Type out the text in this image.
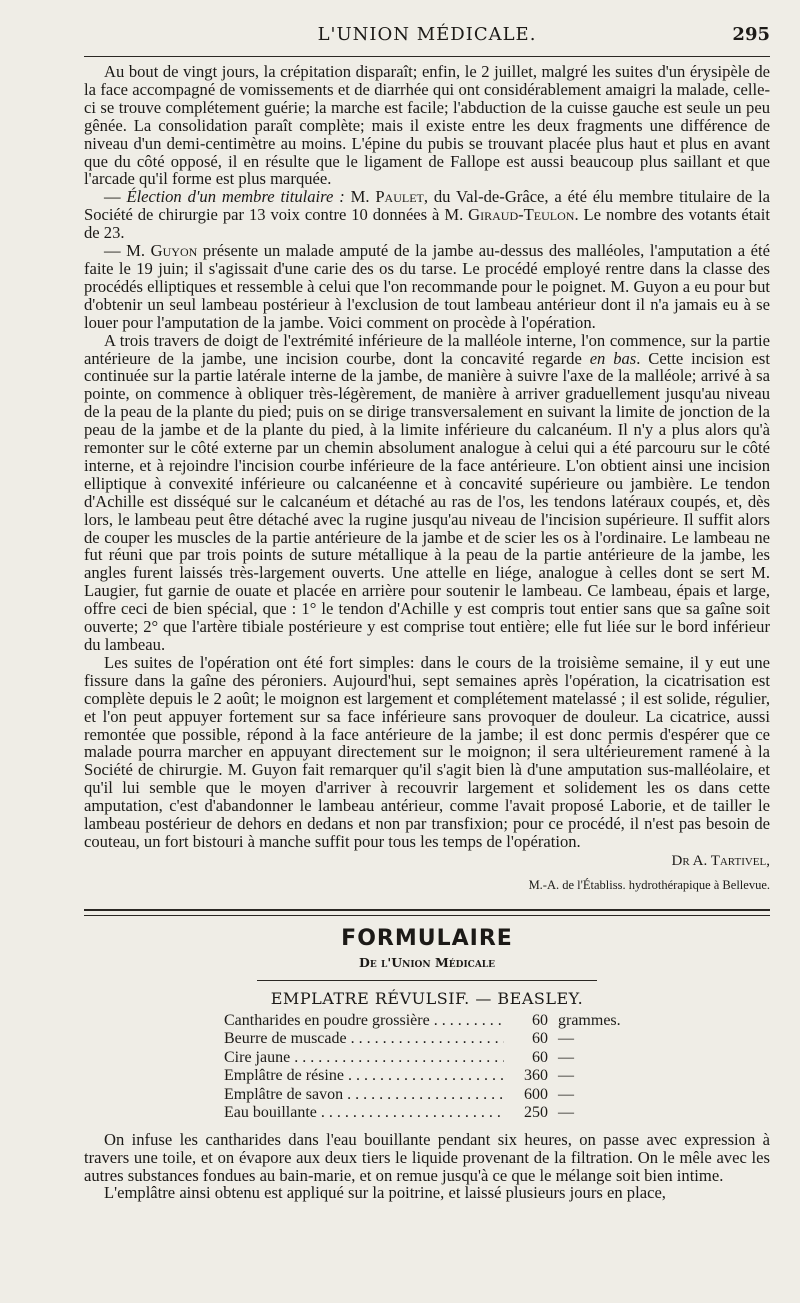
L'UNION MÉDICALE.	295

Au bout de vingt jours, la crépitation disparaît; enfin, le 2 juillet, malgré les suites d'un érysipèle de la face accompagné de vomissements et de diarrhée qui ont considérablement amaigri la malade, celle-ci se trouve complétement guérie; la marche est facile; l'abduction de la cuisse gauche est seule un peu gênée. La consolidation paraît complète; mais il existe entre les deux fragments une différence de niveau d'un demi-centimètre au moins. L'épine du pubis se trouvant placée plus haut et plus en avant que du côté opposé, il en résulte que le ligament de Fallope est aussi beaucoup plus saillant et que l'arcade qu'il forme est plus marquée.

— Élection d'un membre titulaire : M. Paulet, du Val-de-Grâce, a été élu membre titulaire de la Société de chirurgie par 13 voix contre 10 données à M. Giraud-Teulon. Le nombre des votants était de 23.

— M. Guyon présente un malade amputé de la jambe au-dessus des malléoles, l'amputation a été faite le 19 juin; il s'agissait d'une carie des os du tarse. Le procédé employé rentre dans la classe des procédés elliptiques et ressemble à celui que l'on recommande pour le poignet. M. Guyon a eu pour but d'obtenir un seul lambeau postérieur à l'exclusion de tout lambeau antérieur dont il n'a jamais eu à se louer pour l'amputation de la jambe. Voici comment on procède à l'opération.

A trois travers de doigt de l'extrémité inférieure de la malléole interne, l'on commence, sur la partie antérieure de la jambe, une incision courbe, dont la concavité regarde en bas. Cette incision est continuée sur la partie latérale interne de la jambe, de manière à suivre l'axe de la malléole; arrivé à sa pointe, on commence à obliquer très-légèrement, de manière à arriver graduellement jusqu'au niveau de la peau de la plante du pied; puis on se dirige transversalement en suivant la limite de jonction de la peau de la jambe et de la plante du pied, à la limite inférieure du calcanéum. Il n'y a plus alors qu'à remonter sur le côté externe par un chemin absolument analogue à celui qui a été parcouru sur le côté interne, et à rejoindre l'incision courbe inférieure de la face antérieure. L'on obtient ainsi une incision elliptique à convexité inférieure ou calcanéenne et à concavité supérieure ou jambière. Le tendon d'Achille est disséqué sur le calcanéum et détaché au ras de l'os, les tendons latéraux coupés, et, dès lors, le lambeau peut être détaché avec la rugine jusqu'au niveau de l'incision supérieure. Il suffit alors de couper les muscles de la partie antérieure de la jambe et de scier les os à l'ordinaire. Le lambeau ne fut réuni que par trois points de suture métallique à la peau de la partie antérieure de la jambe, les angles furent laissés très-largement ouverts. Une attelle en liége, analogue à celles dont se sert M. Laugier, fut garnie de ouate et placée en arrière pour soutenir le lambeau. Ce lambeau, épais et large, offre ceci de bien spécial, que : 1° le tendon d'Achille y est compris tout entier sans que sa gaîne soit ouverte; 2° que l'artère tibiale postérieure y est comprise tout entière; elle fut liée sur le bord inférieur du lambeau.

Les suites de l'opération ont été fort simples: dans le cours de la troisième semaine, il y eut une fissure dans la gaîne des péroniers. Aujourd'hui, sept semaines après l'opération, la cicatrisation est complète depuis le 2 août; le moignon est largement et complétement matelassé ; il est solide, régulier, et l'on peut appuyer fortement sur sa face inférieure sans provoquer de douleur. La cicatrice, aussi remontée que possible, répond à la face antérieure de la jambe; il est donc permis d'espérer que ce malade pourra marcher en appuyant directement sur le moignon; il sera ultérieurement ramené à la Société de chirurgie. M. Guyon fait remarquer qu'il s'agit bien là d'une amputation sus-malléolaire, et qu'il lui semble que le moyen d'arriver à recouvrir largement et solidement les os dans cette amputation, c'est d'abandonner le lambeau antérieur, comme l'avait proposé Laborie, et de tailler le lambeau postérieur de dehors en dedans et non par transfixion; pour ce procédé, il n'est pas besoin de couteau, un fort bistouri à manche suffit pour tous les temps de l'opération.

Dr A. Tartivel,
M.-A. de l'Établiss. hydrothérapique à Bellevue.
FORMULAIRE
De l'Union Médicale
EMPLATRE RÉVULSIF. — BEASLEY.
Cantharides en poudre grossière . . .	60 grammes.
Beurre de muscade . . .	60 —
Cire jaune . . .	60 —
Emplâtre de résine . . .	360 —
Emplâtre de savon . . .	600 —
Eau bouillante . . .	250 —

On infuse les cantharides dans l'eau bouillante pendant six heures, on passe avec expression à travers une toile, et on évapore aux deux tiers le liquide provenant de la filtration. On le mêle avec les autres substances fondues au bain-marie, et on remue jusqu'à ce que le mélange soit bien intime.

L'emplâtre ainsi obtenu est appliqué sur la poitrine, et laissé plusieurs jours en place,
